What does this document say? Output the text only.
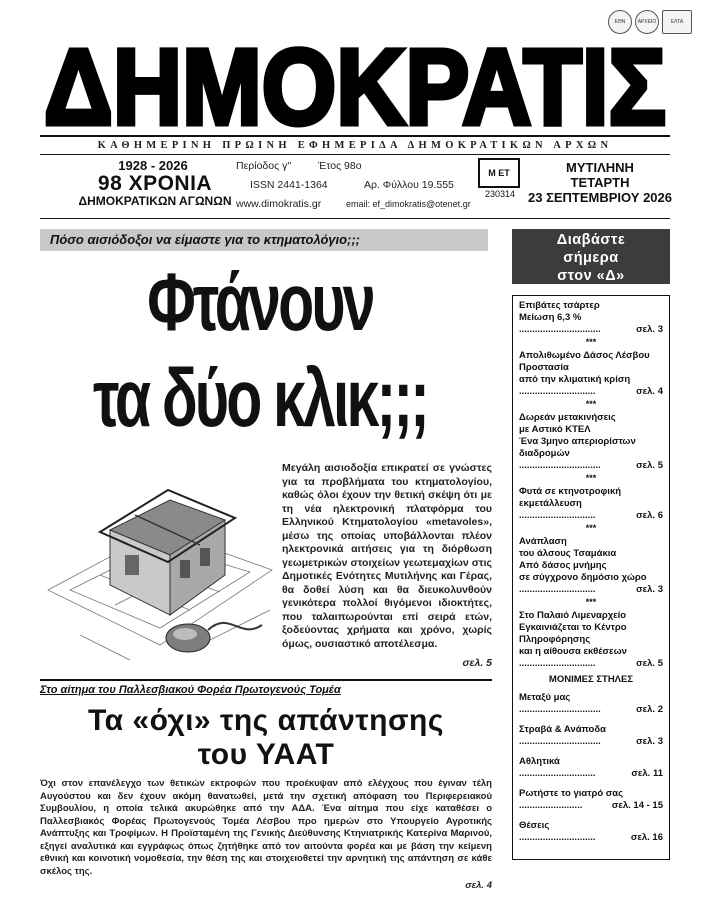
ΕΘΝ	ΑΡΧΕΙΟ	ΕΛΤΑ
ΔΗΜΟΚΡΑΤΙΣ
ΚΑΘΗΜΕΡΙΝΗ ΠΡΩΙΝΗ ΕΦΗΜΕΡΙΔΑ ΔΗΜΟΚΡΑΤΙΚΩΝ ΑΡΧΩΝ
1928 - 2026
98 ΧΡΟΝΙΑ
ΔΗΜΟΚΡΑΤΙΚΩΝ ΑΓΩΝΩΝ
Περίοδος γ''	Έτος 98ο
ISSN 2441-1364	Αρ. Φύλλου 19.555
www.dimokratis.gr	email: ef_dimokratis@otenet.gr
Μ ΕΤ
230314
ΜΥΤΙΛΗΝΗ
ΤΕΤΑΡΤΗ
23 ΣΕΠΤΕΜΒΡΙΟΥ 2026
Πόσο αισιόδοξοι να είμαστε για το κτηματολόγιο;;;
Φτάνουν
τα δύο κλικ;;;
Μεγάλη αισιοδοξία επικρατεί σε γνώστες για τα προβλήματα του κτηματολογίου, καθώς όλοι έχουν την θετική σκέψη ότι με τη νέα ηλεκτρονική πλατφόρμα του Ελληνικού Κτηματολογίου «metavoles», μέσω της οποίας υποβάλλονται πλέον ηλεκτρονικά αιτήσεις για τη διόρθωση γεωμετρικών στοιχείων γεωτεμαχίων στις Δημοτικές Ενότητες Μυτιλήνης και Γέρας, θα δοθεί λύση και θα διευκολυνθούν γενικότερα πολλοί θιγόμενοι ιδιοκτήτες, που ταλαιπωρούνται επί σειρά ετών, ξοδεύοντας χρήματα και χρόνο, χωρίς όμως, ουσιαστικό αποτέλεσμα.
σελ. 5
Στο αίτημα του Παλλεσβιακού Φορέα Πρωτογενούς Τομέα
Τα «όχι» της απάντησης
του ΥΑΑΤ
Όχι στον επανέλεγχο των θετικών εκτροφών που προέκυψαν από ελέγχους που έγιναν τέλη Αυγούστου και δεν έχουν ακόμη θανατωθεί, μετά την σχετική απόφαση του Περιφερειακού Συμβουλίου, η οποία τελικά ακυρώθηκε από την ΑΔΑ. Ένα αίτημα που είχε καταθέσει ο Παλλεσβιακός Φορέας Πρωτογενούς Τομέα Λέσβου προ ημερών στο Υπουργείο Αγροτικής Ανάπτυξης και Τροφίμων. Η Προϊσταμένη της Γενικής Διεύθυνσης Κτηνιατρικής Κατερίνα Μαρινού, εξηγεί αναλυτικά και εγγράφως όπως ζητήθηκε από τον αιτούντα φορέα και με βάση την κείμενη εθνική και κοινοτική νομοθεσία, την θέση της και στοιχειοθετεί την αρνητική της απάντηση σε κάθε σκέλος της.
σελ. 4
Διαβάστε
σήμερα
στον «Δ»
Επιβάτες τσάρτερ
Μείωση 6,3 %
...............................	σελ. 3
***
Απολιθωμένο Δάσος Λέσβου
Προστασία
από την κλιματική κρίση
.............................	σελ. 4
***
Δωρεάν μετακινήσεις
με Αστικό ΚΤΕΛ
Ένα 3μηνο απεριορίστων
διαδρομών
...............................	σελ. 5
***
Φυτά σε κτηνοτροφική
εκμετάλλευση
.............................	σελ. 6
***
Ανάπλαση
του άλσους Τσαμάκια
Από δάσος μνήμης
σε σύγχρονο δημόσιο χώρο
.............................	σελ. 3
***
Στο Παλαιό Λιμεναρχείο
Εγκαινιάζεται το Κέντρο
Πληροφόρησης
και η αίθουσα εκθέσεων
.............................	σελ. 5
ΜΟΝΙΜΕΣ ΣΤΗΛΕΣ
Μεταξύ μας
...............................	σελ. 2
Στραβά & Ανάποδα
...............................	σελ. 3
Αθλητικά
.............................	σελ. 11
Ρωτήστε το γιατρό σας
........................	σελ. 14 - 15
Θέσεις
.............................	σελ. 16
